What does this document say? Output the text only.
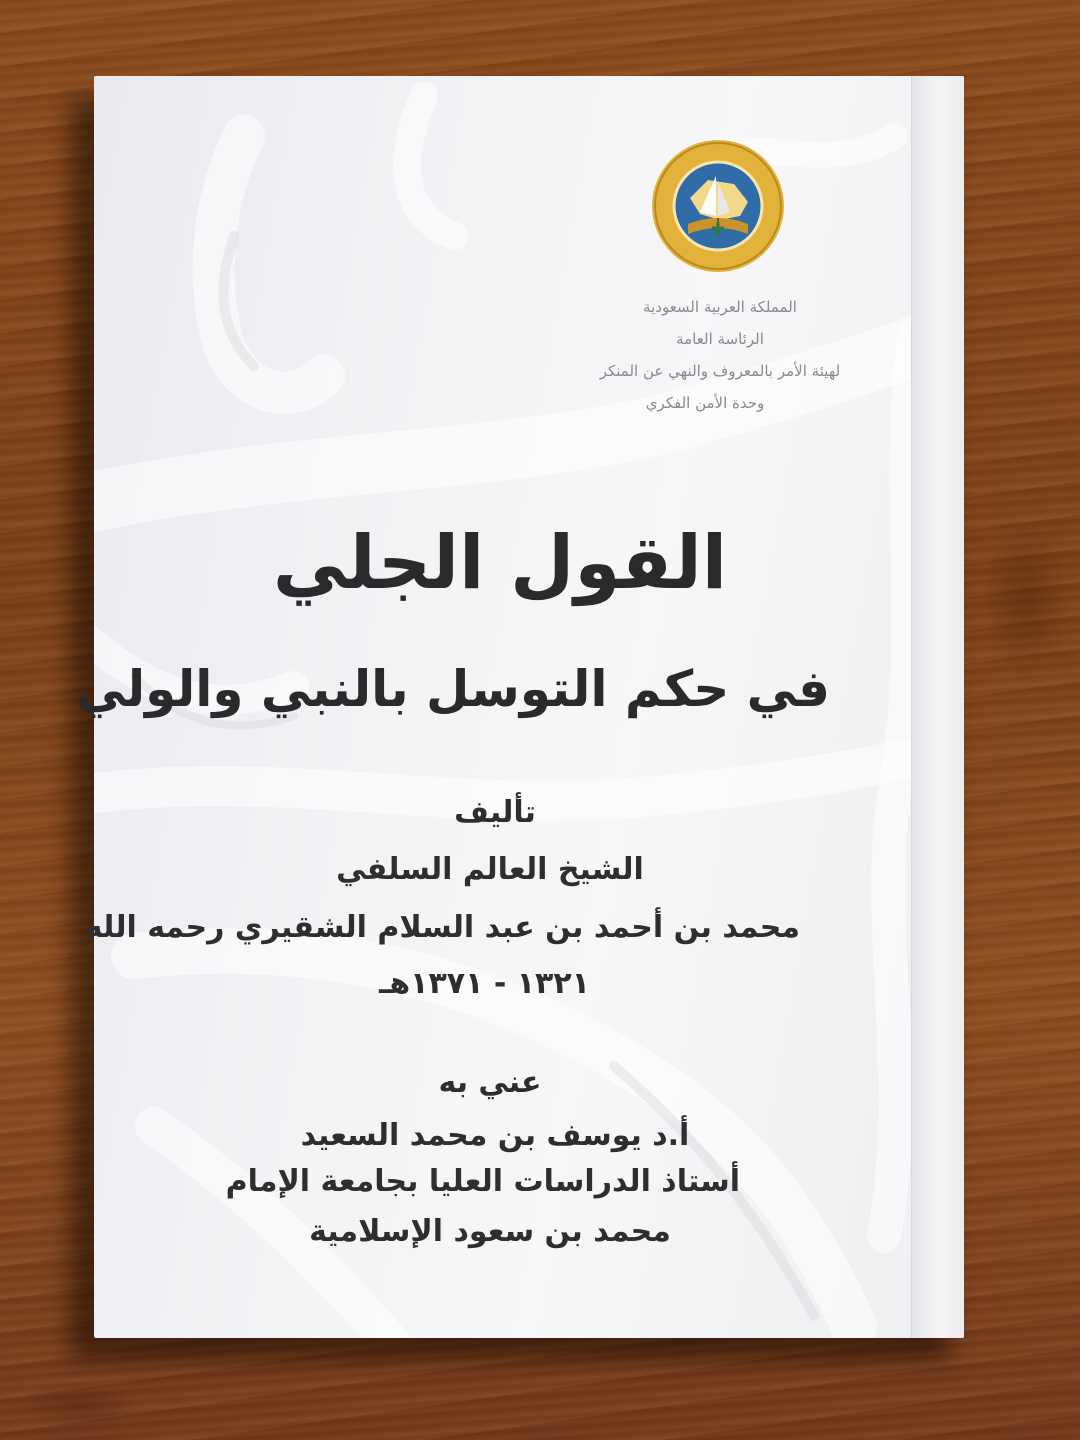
المملكة العربية السعودية
الرئاسة العامة
لهيئة الأمر بالمعروف والنهي عن المنكر
وحدة الأمن الفكري
القول الجلي
في حكم التوسل بالنبي والولي
تأليف
الشيخ العالم السلفي
محمد بن أحمد بن عبد السلام الشقيري رحمه الله
١٣٢١ - ١٣٧١هـ
عني به
أ.د يوسف بن محمد السعيد
أستاذ الدراسات العليا بجامعة الإمام
محمد بن سعود الإسلامية
